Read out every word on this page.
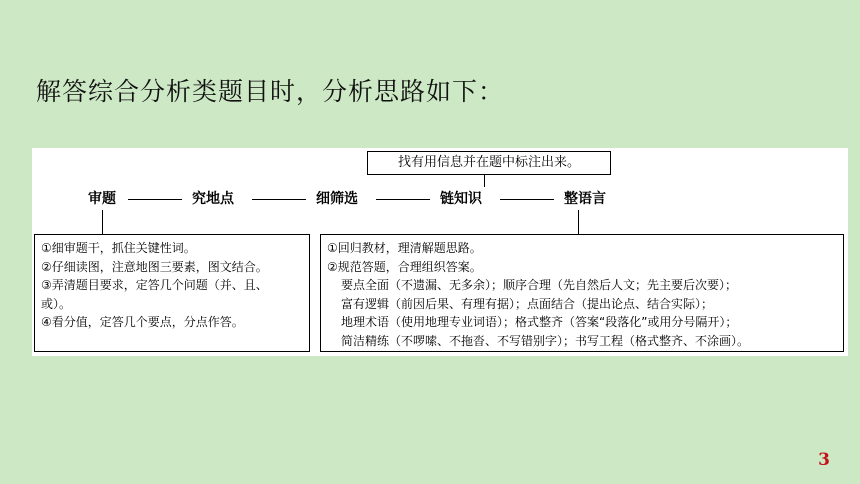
解答综合分析类题目时，分析思路如下：
找有用信息并在题中标注出来。
审题	究地点	细筛选	链知识	整语言
①细审题干，抓住关键性词。
②仔细读图，注意地图三要素，图文结合。
③弄清题目要求，定答几个问题（并、且、
或）。
④看分值，定答几个要点，分点作答。
①回归教材，理清解题思路。
②规范答题，合理组织答案。
要点全面（不遗漏、无多余）；顺序合理（先自然后人文；先主要后次要）；
富有逻辑（前因后果、有理有据）；点面结合（提出论点、结合实际）；
地理术语（使用地理专业词语）；格式整齐（答案“段落化”或用分号隔开）；
简洁精练（不啰嗦、不拖沓、不写错别字）；书写工程（格式整齐、不涂画）。
3
